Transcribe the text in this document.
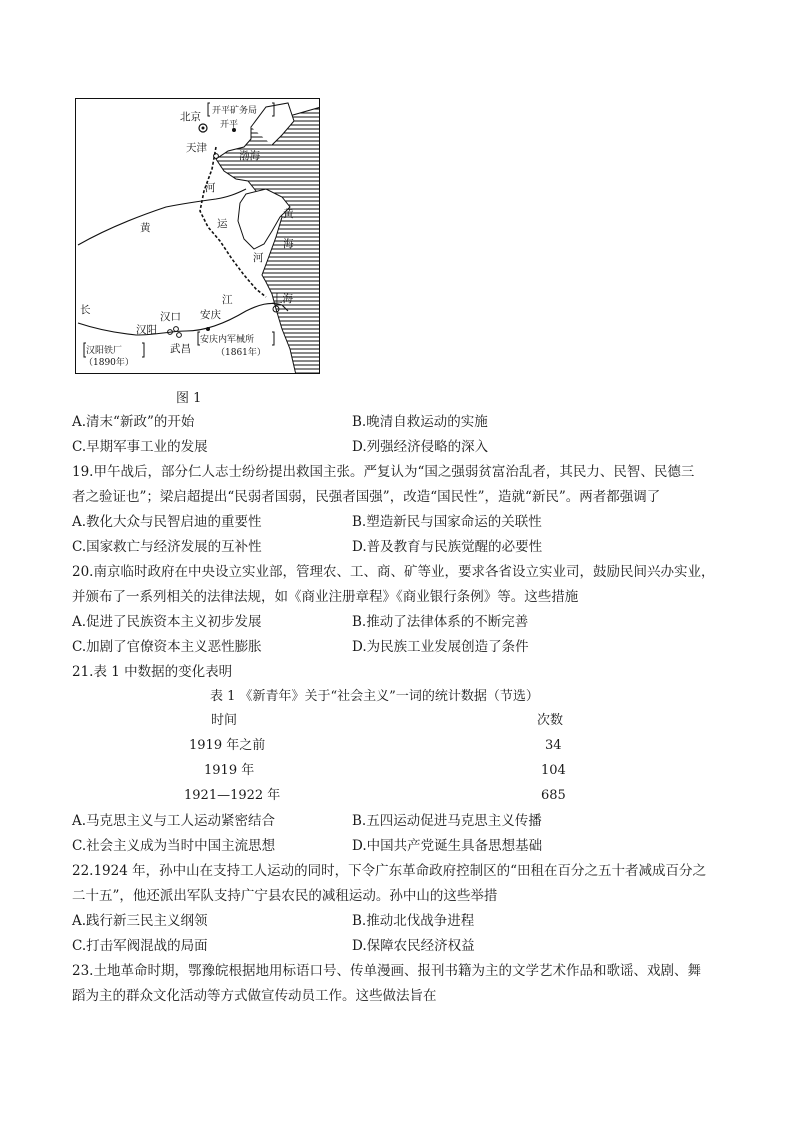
北京 开平矿务局
开平
天津
渤海
河
黄	运
河
黄
海
长
江
汉口 安庆
上海
汉阳
武昌
安庆内军械所
（1861年）
汉阳铁厂
（1890年）
图 1
A.清末“新政”的开始	B.晚清自救运动的实施
C.早期军事工业的发展	D.列强经济侵略的深入
19.甲午战后，部分仁人志士纷纷提出救国主张。严复认为“国之强弱贫富治乱者，其民力、民智、民德三
者之验证也”；梁启超提出“民弱者国弱，民强者国强”，改造“国民性”，造就“新民”。两者都强调了
A.教化大众与民智启迪的重要性	B.塑造新民与国家命运的关联性
C.国家救亡与经济发展的互补性	D.普及教育与民族觉醒的必要性
20.南京临时政府在中央设立实业部，管理农、工、商、矿等业，要求各省设立实业司，鼓励民间兴办实业，
并颁布了一系列相关的法律法规，如《商业注册章程》《商业银行条例》等。这些措施
A.促进了民族资本主义初步发展	B.推动了法律体系的不断完善
C.加剧了官僚资本主义恶性膨胀	D.为民族工业发展创造了条件
21.表 1 中数据的变化表明
表 1 《新青年》关于“社会主义”一词的统计数据（节选）
时间	次数
1919 年之前	34
1919 年	104
1921—1922 年	685
A.马克思主义与工人运动紧密结合	B.五四运动促进马克思主义传播
C.社会主义成为当时中国主流思想	D.中国共产党诞生具备思想基础
22.1924 年，孙中山在支持工人运动的同时，下令广东革命政府控制区的“田租在百分之五十者减成百分之
二十五”，他还派出军队支持广宁县农民的减租运动。孙中山的这些举措
A.践行新三民主义纲领	B.推动北伐战争进程
C.打击军阀混战的局面	D.保障农民经济权益
23.土地革命时期，鄂豫皖根据地用标语口号、传单漫画、报刊书籍为主的文学艺术作品和歌谣、戏剧、舞
蹈为主的群众文化活动等方式做宣传动员工作。这些做法旨在
